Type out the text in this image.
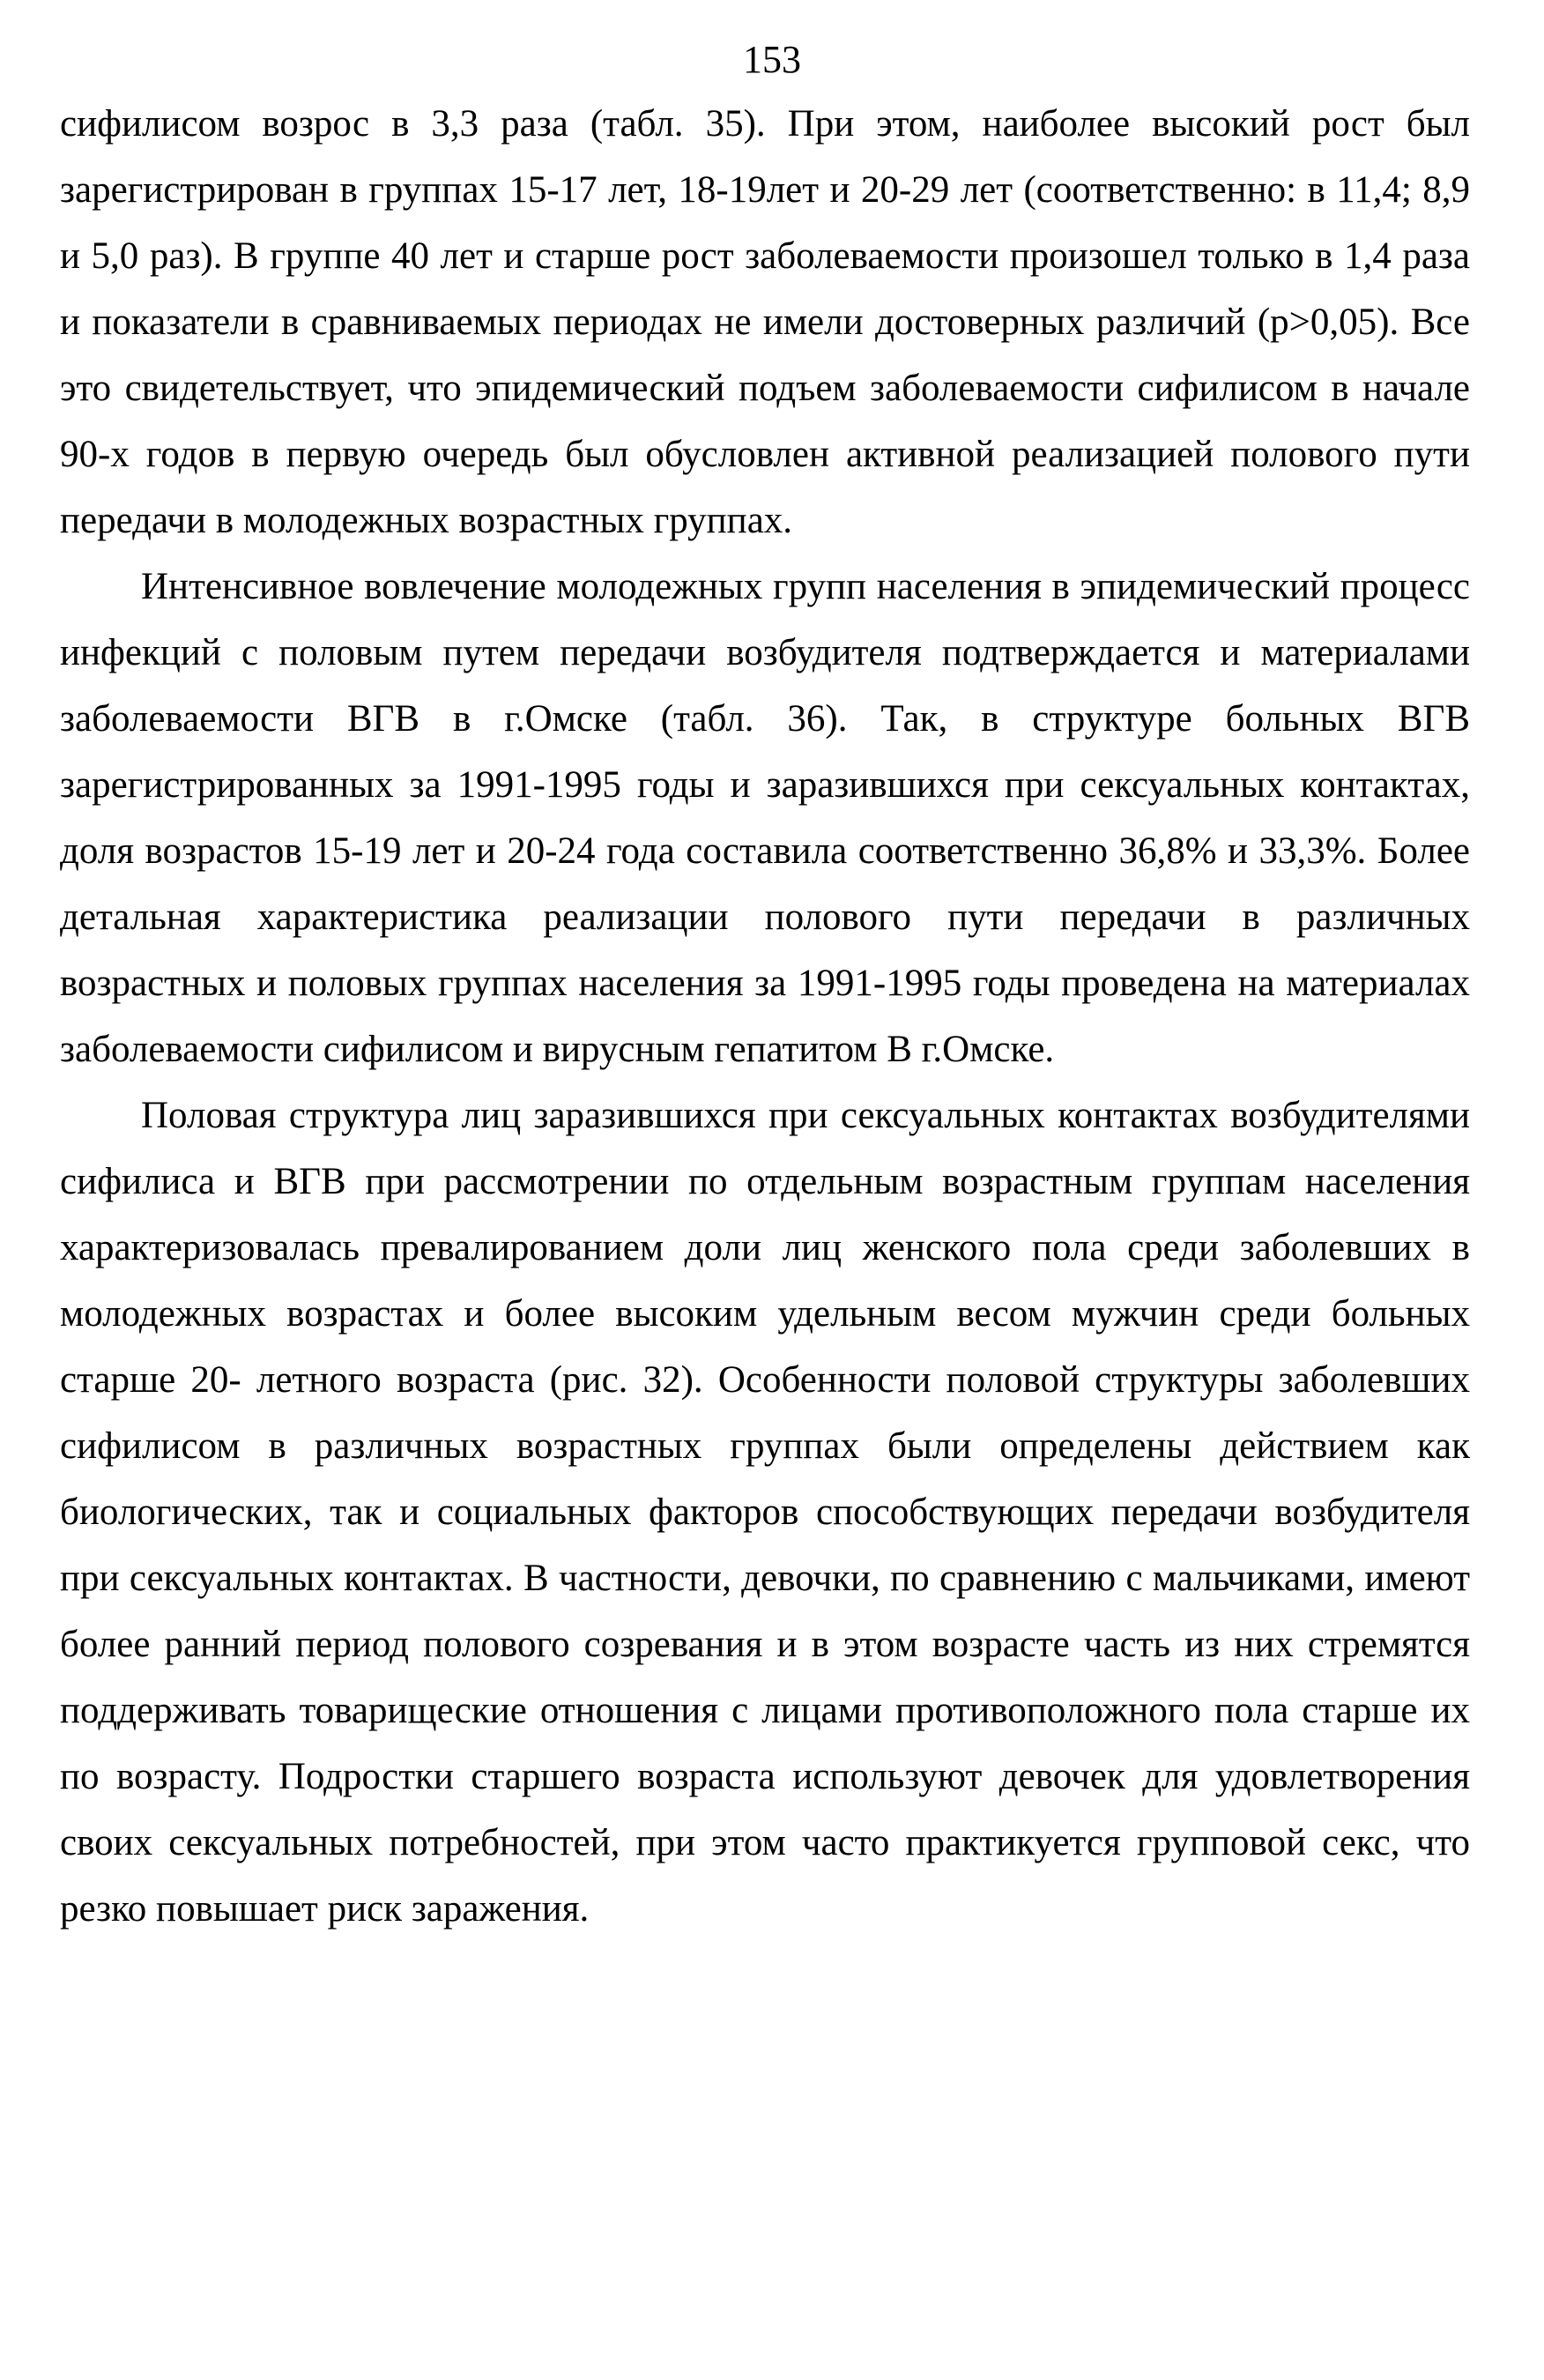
153

сифилисом возрос в 3,3 раза (табл. 35). При этом, наиболее высокий рост был зарегистрирован в группах 15-17 лет, 18-19лет и 20-29 лет (соответственно: в 11,4; 8,9 и 5,0 раз). В группе 40 лет и старше рост заболеваемости произошел только в 1,4 раза и показатели в сравниваемых периодах не имели достоверных различий (p>0,05). Все это свидетельствует, что эпидемический подъем заболеваемости сифилисом в начале 90-х годов в первую очередь был обусловлен активной реализацией полового пути передачи в молодежных возрастных группах.

Интенсивное вовлечение молодежных групп населения в эпидемический процесс инфекций с половым путем передачи возбудителя подтверждается и материалами заболеваемости ВГВ в г.Омске (табл. 36). Так, в структуре больных ВГВ зарегистрированных за 1991-1995 годы и заразившихся при сексуальных контактах, доля возрастов 15-19 лет и 20-24 года составила соответственно 36,8% и 33,3%. Более детальная характеристика реализации полового пути передачи в различных возрастных и половых группах населения за 1991-1995 годы проведена на материалах заболеваемости сифилисом и вирусным гепатитом В г.Омске.

Половая структура лиц заразившихся при сексуальных контактах возбудителями сифилиса и ВГВ при рассмотрении по отдельным возрастным группам населения характеризовалась превалированием доли лиц женского пола среди заболевших в молодежных возрастах и более высоким удельным весом мужчин среди больных старше 20- летного возраста (рис. 32). Особенности половой структуры заболевших сифилисом в различных возрастных группах были определены действием как биологических, так и социальных факторов способствующих передачи возбудителя при сексуальных контактах. В частности, девочки, по сравнению с мальчиками, имеют более ранний период полового созревания и в этом возрасте часть из них стремятся поддерживать товарищеские отношения с лицами противоположного пола старше их по возрасту. Подростки старшего возраста используют девочек для удовлетворения своих сексуальных потребностей, при этом часто практикуется групповой секс, что резко повышает риск заражения.
